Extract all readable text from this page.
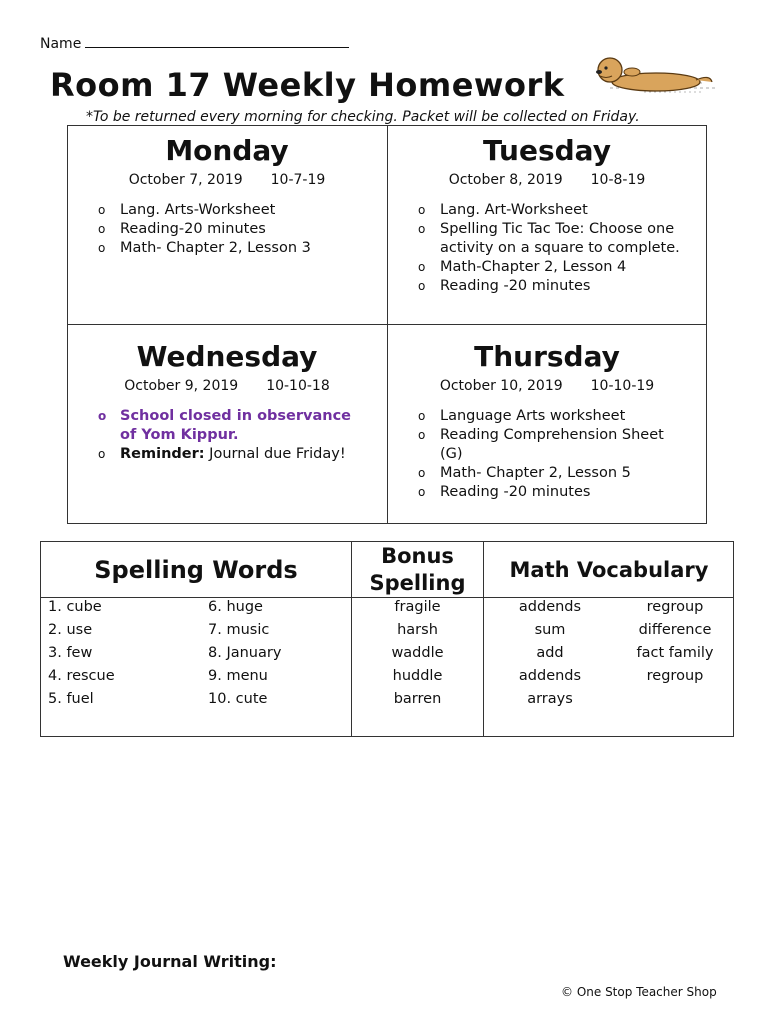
Name
Room 17 Weekly Homework
*To be returned every morning for checking. Packet will be collected on Friday.
Monday
October 7, 2019 10-7-19
o Lang. Arts-Worksheet
o Reading-20 minutes
o Math- Chapter 2, Lesson 3
Tuesday
October 8, 2019 10-8-19
o Lang. Art-Worksheet
o Spelling Tic Tac Toe: Choose one
activity on a square to complete.
o Math-Chapter 2, Lesson 4
o Reading -20 minutes
Wednesday
October 9, 2019 10-10-18
o School closed in observance
of Yom Kippur.
o Reminder: Journal due Friday!
Thursday
October 10, 2019 10-10-19
o Language Arts worksheet
o Reading Comprehension Sheet
(G)
o Math- Chapter 2, Lesson 5
o Reading -20 minutes
Spelling Words	Bonus
Spelling
Math Vocabulary
1. cube
2. use
3. few
4. rescue
5. fuel
6. huge
7. music
8. January
9. menu
10. cute
fragile
harsh
waddle
huddle
barren
addends
sum
add
addends
arrays
regroup
difference
fact family
regroup
Weekly Journal Writing:
© One Stop Teacher Shop
